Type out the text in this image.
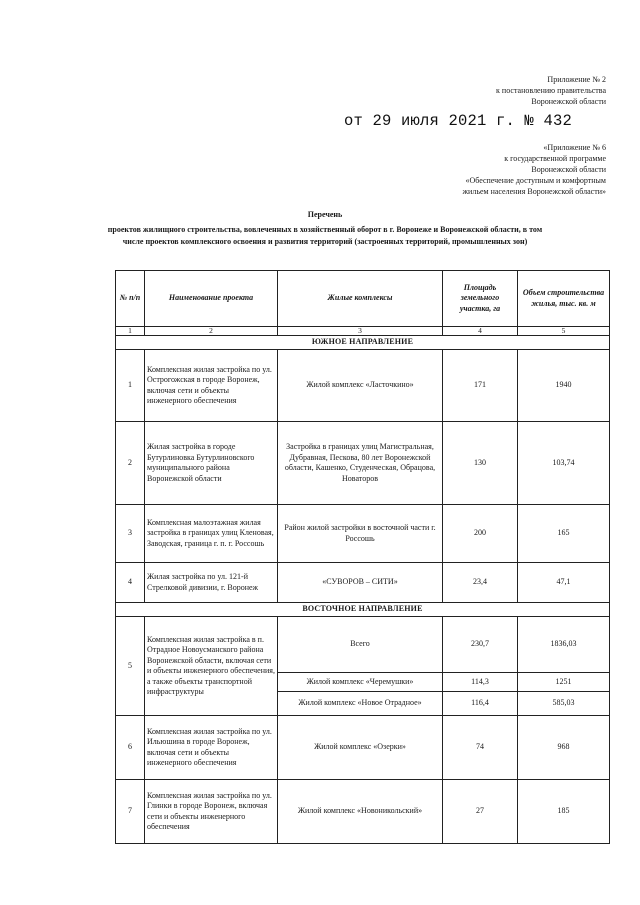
Приложение № 2
к постановлению правительства
Воронежской области
от 29 июля 2021 г. № 432
«Приложение № 6
к государственной программе
Воронежской области
«Обеспечение доступным и комфортным
жильем населения Воронежской области»
Перечень
проектов жилищного строительства, вовлеченных в хозяйственный оборот в г. Воронеже и Воронежской области, в том
числе проектов комплексного освоения и развития территорий (застроенных территорий, промышленных зон)
№ п/п	Наименование проекта	Жилые комплексы	Площадь земельного участка, га	Объем строительства жилья, тыс. кв. м
1	2	3	4	5
ЮЖНОЕ НАПРАВЛЕНИЕ				
1	Комплексная жилая застройка по ул. Острогожская в городе Воронеж, включая сети и объекты инженерного обеспечения	Жилой комплекс «Ласточкино»	171	1940
2	Жилая застройка в городе Бутурлиновка Бутурлиновского муниципального района Воронежской области	Застройка в границах улиц Магистральная, Дубравная, Пескова, 80 лет Воронежской области, Кашенко, Студенческая, Обрацова, Новаторов	130	103,74
3	Комплексная малоэтажная жилая застройка в границах улиц Кленовая, Заводская, граница г. п. г. Россошь	Район жилой застройки в восточной части г. Россошь	200	165
4	Жилая застройка по ул. 121-й Стрелковой дивизии, г. Воронеж	«СУВОРОВ – СИТИ»	23,4	47,1
ВОСТОЧНОЕ НАПРАВЛЕНИЕ				
5	Комплексная жилая застройка в п. Отрадное Новоусманского района Воронежской области, включая сети и объекты инженерного обеспечения, а также объекты транспортной инфраструктуры	Всего	230,7	1836,03
		Жилой комплекс «Черемушки»	114,3	1251
		Жилой комплекс «Новое Отрадное»	116,4	585,03
6	Комплексная жилая застройка по ул. Ильюшина в городе Воронеж, включая сети и объекты инженерного обеспечения	Жилой комплекс «Озерки»	74	968
7	Комплексная жилая застройка по ул. Глинки в городе Воронеж, включая сети и объекты инженерного обеспечения	Жилой комплекс «Новоникольский»	27	185
